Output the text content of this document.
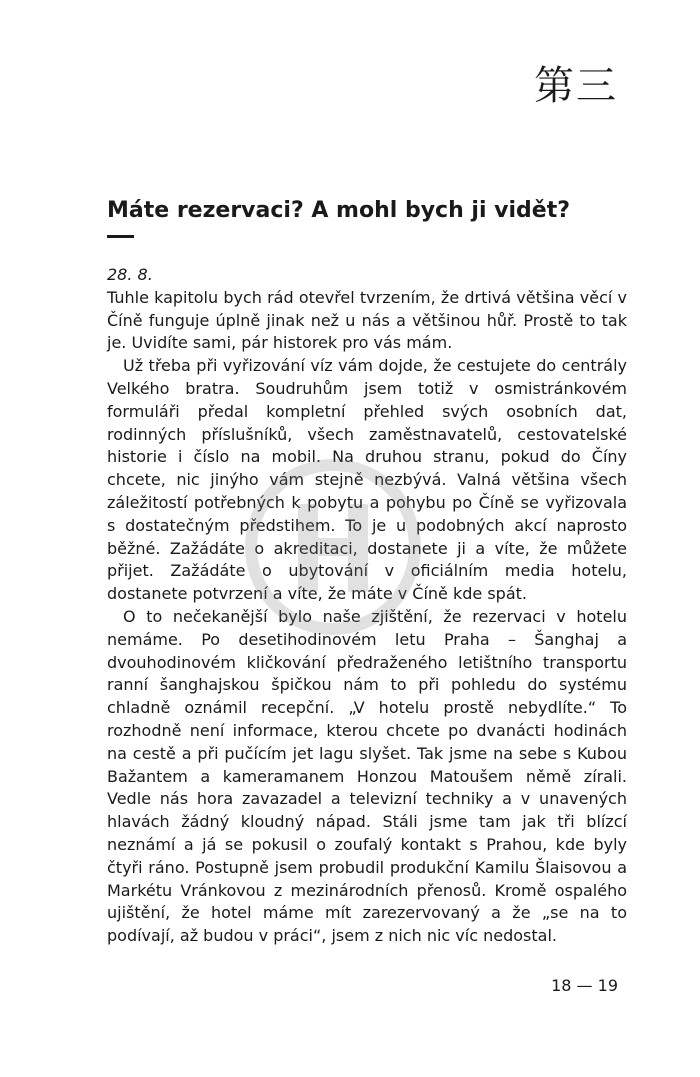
第三
Máte rezervaci? A mohl bych ji vidět?
28. 8.

Tuhle kapitolu bych rád otevřel tvrzením, že drtivá většina věcí v Číně funguje úplně jinak než u nás a většinou hůř. Prostě to tak je. Uvidíte sami, pár historek pro vás mám.

Už třeba při vyřizování víz vám dojde, že cestujete do centrály Velkého bratra. Soudruhům jsem totiž v osmistránkovém formuláři předal kompletní přehled svých osobních dat, rodinných příslušníků, všech zaměstnavatelů, cestovatelské historie i číslo na mobil. Na druhou stranu, pokud do Číny chcete, nic jinýho vám stejně nezbývá. Valná většina všech záležitostí potřebných k pobytu a pohybu po Číně se vyřizovala s dostatečným předstihem. To je u podobných akcí naprosto běžné. Zažádáte o akreditaci, dostanete ji a víte, že můžete přijet. Zažádáte o ubytování v oficiálním media hotelu, dostanete potvrzení a víte, že máte v Číně kde spát.

O to nečekanější bylo naše zjištění, že rezervaci v hotelu nemáme. Po desetihodinovém letu Praha – Šanghaj a dvouhodinovém kličkování předraženého letištního transportu ranní šanghajskou špičkou nám to při pohledu do systému chladně oznámil recepční. „V hotelu prostě nebydlíte.“ To rozhodně není informace, kterou chcete po dvanácti hodinách na cestě a při pučícím jet lagu slyšet. Tak jsme na sebe s Kubou Bažantem a kameramanem Honzou Matoušem němě zírali. Vedle nás hora zavazadel a televizní techniky a v unavených hlavách žádný kloudný nápad. Stáli jsme tam jak tři blízcí neznámí a já se pokusil o zoufalý kontakt s Prahou, kde byly čtyři ráno. Postupně jsem probudil produkční Kamilu Šlaisovou a Markétu Vránkovou z mezinárodních přenosů. Kromě ospalého ujištění, že hotel máme mít zarezervovaný a že „se na to podívají, až budou v práci“, jsem z nich nic víc nedostal.

18 — 19
